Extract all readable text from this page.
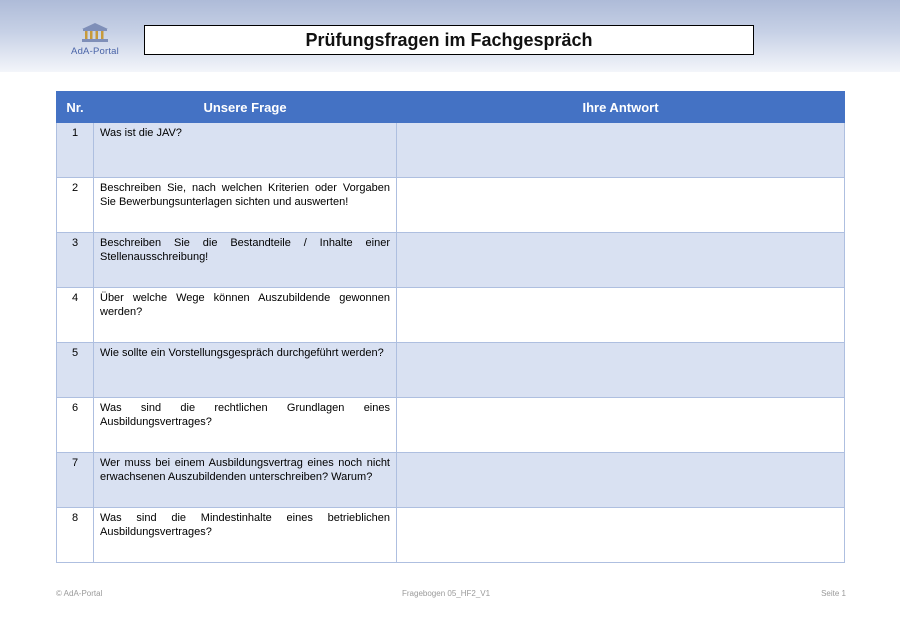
AdA-Portal
Prüfungsfragen im Fachgespräch
Nr.	Unsere Frage	Ihre Antwort
1	Was ist die JAV?	
2	Beschreiben Sie, nach welchen Kriterien oder Vorgaben Sie Bewerbungsunterlagen sichten und auswerten!	
3	Beschreiben Sie die Bestandteile / Inhalte einer Stellenausschreibung!	
4	Über welche Wege können Auszubildende gewonnen werden?	
5	Wie sollte ein Vorstellungsgespräch durchgeführt werden?	
6	Was sind die rechtlichen Grundlagen eines Ausbildungsvertrages?	
7	Wer muss bei einem Ausbildungsvertrag eines noch nicht erwachsenen Auszubildenden unterschreiben? Warum?	
8	Was sind die Mindestinhalte eines betrieblichen Ausbildungsvertrages?	
© AdA-Portal	Fragebogen 05_HF2_V1	Seite 1
